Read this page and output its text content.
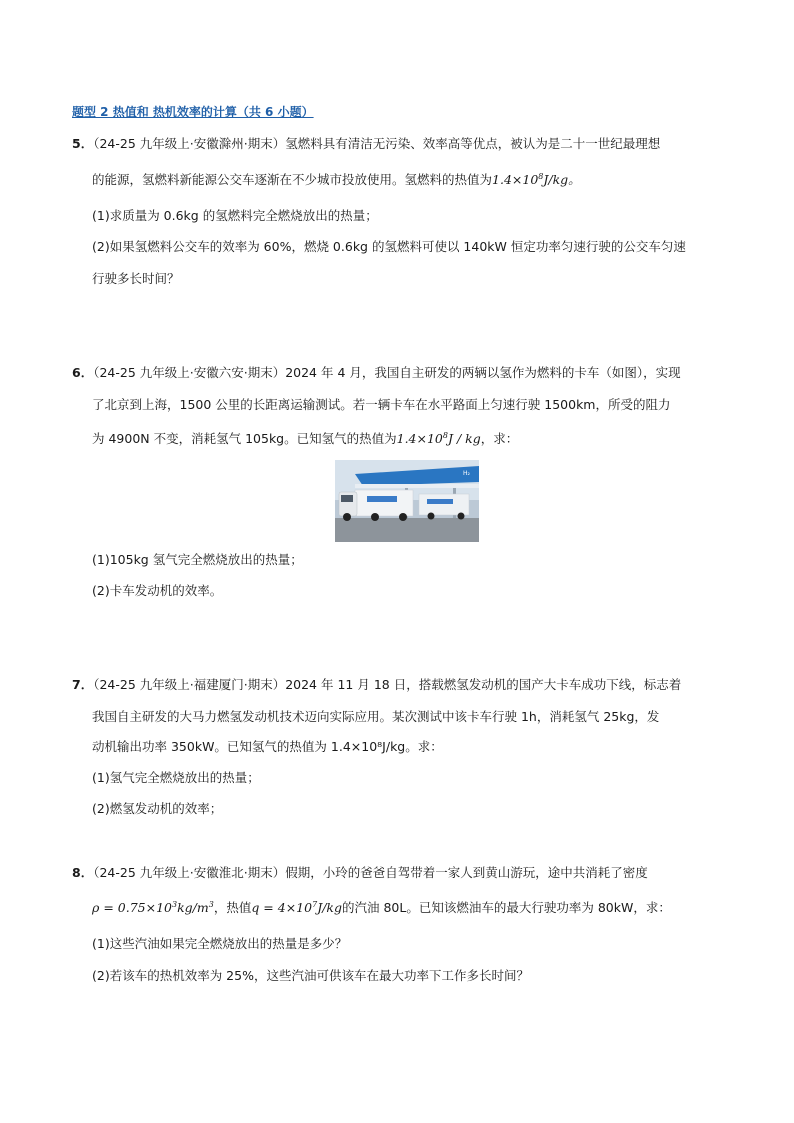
题型 2 热值和 热机效率的计算（共 6 小题）
5．（24-25 九年级上·安徽滁州·期末）氢燃料具有清洁无污染、效率高等优点，被认为是二十一世纪最理想
的能源，氢燃料新能源公交车逐渐在不少城市投放使用。氢燃料的热值为$1.4\times 10^8J/kg$。
(1)求质量为 0.6kg 的氢燃料完全燃烧放出的热量；
(2)如果氢燃料公交车的效率为 60%，燃烧 0.6kg 的氢燃料可使以 140kW 恒定功率匀速行驶的公交车匀速
行驶多长时间？
6．（24-25 九年级上·安徽六安·期末）2024 年 4 月，我国自主研发的两辆以氢作为燃料的卡车（如图），实现
了北京到上海，1500 公里的长距离运输测试。若一辆卡车在水平路面上匀速行驶 1500km，所受的阻力
为 4900N 不变，消耗氢气 105kg。已知氢气的热值为$1.4\times 10^8J$ / kg，求：
H₂
(1)105kg 氢气完全燃烧放出的热量；
(2)卡车发动机的效率。
7．（24-25 九年级上·福建厦门·期末）2024 年 11 月 18 日，搭载燃氢发动机的国产大卡车成功下线，标志着
我国自主研发的大马力燃氢发动机技术迈向实际应用。某次测试中该卡车行驶 1h，消耗氢气 25kg，发
动机输出功率 350kW。已知氢气的热值为 1.4×10⁸J/kg。求：
(1)氢气完全燃烧放出的热量；
(2)燃氢发动机的效率；
8．（24-25 九年级上·安徽淮北·期末）假期，小玲的爸爸自驾带着一家人到黄山游玩，途中共消耗了密度
$\rho = 0.75\times 10^3kg/m^3$，热值$q = 4\times 10^7J/kg$的汽油 80L。已知该燃油车的最大行驶功率为 80kW，求：
(1)这些汽油如果完全燃烧放出的热量是多少？
(2)若该车的热机效率为 25%，这些汽油可供该车在最大功率下工作多长时间？
